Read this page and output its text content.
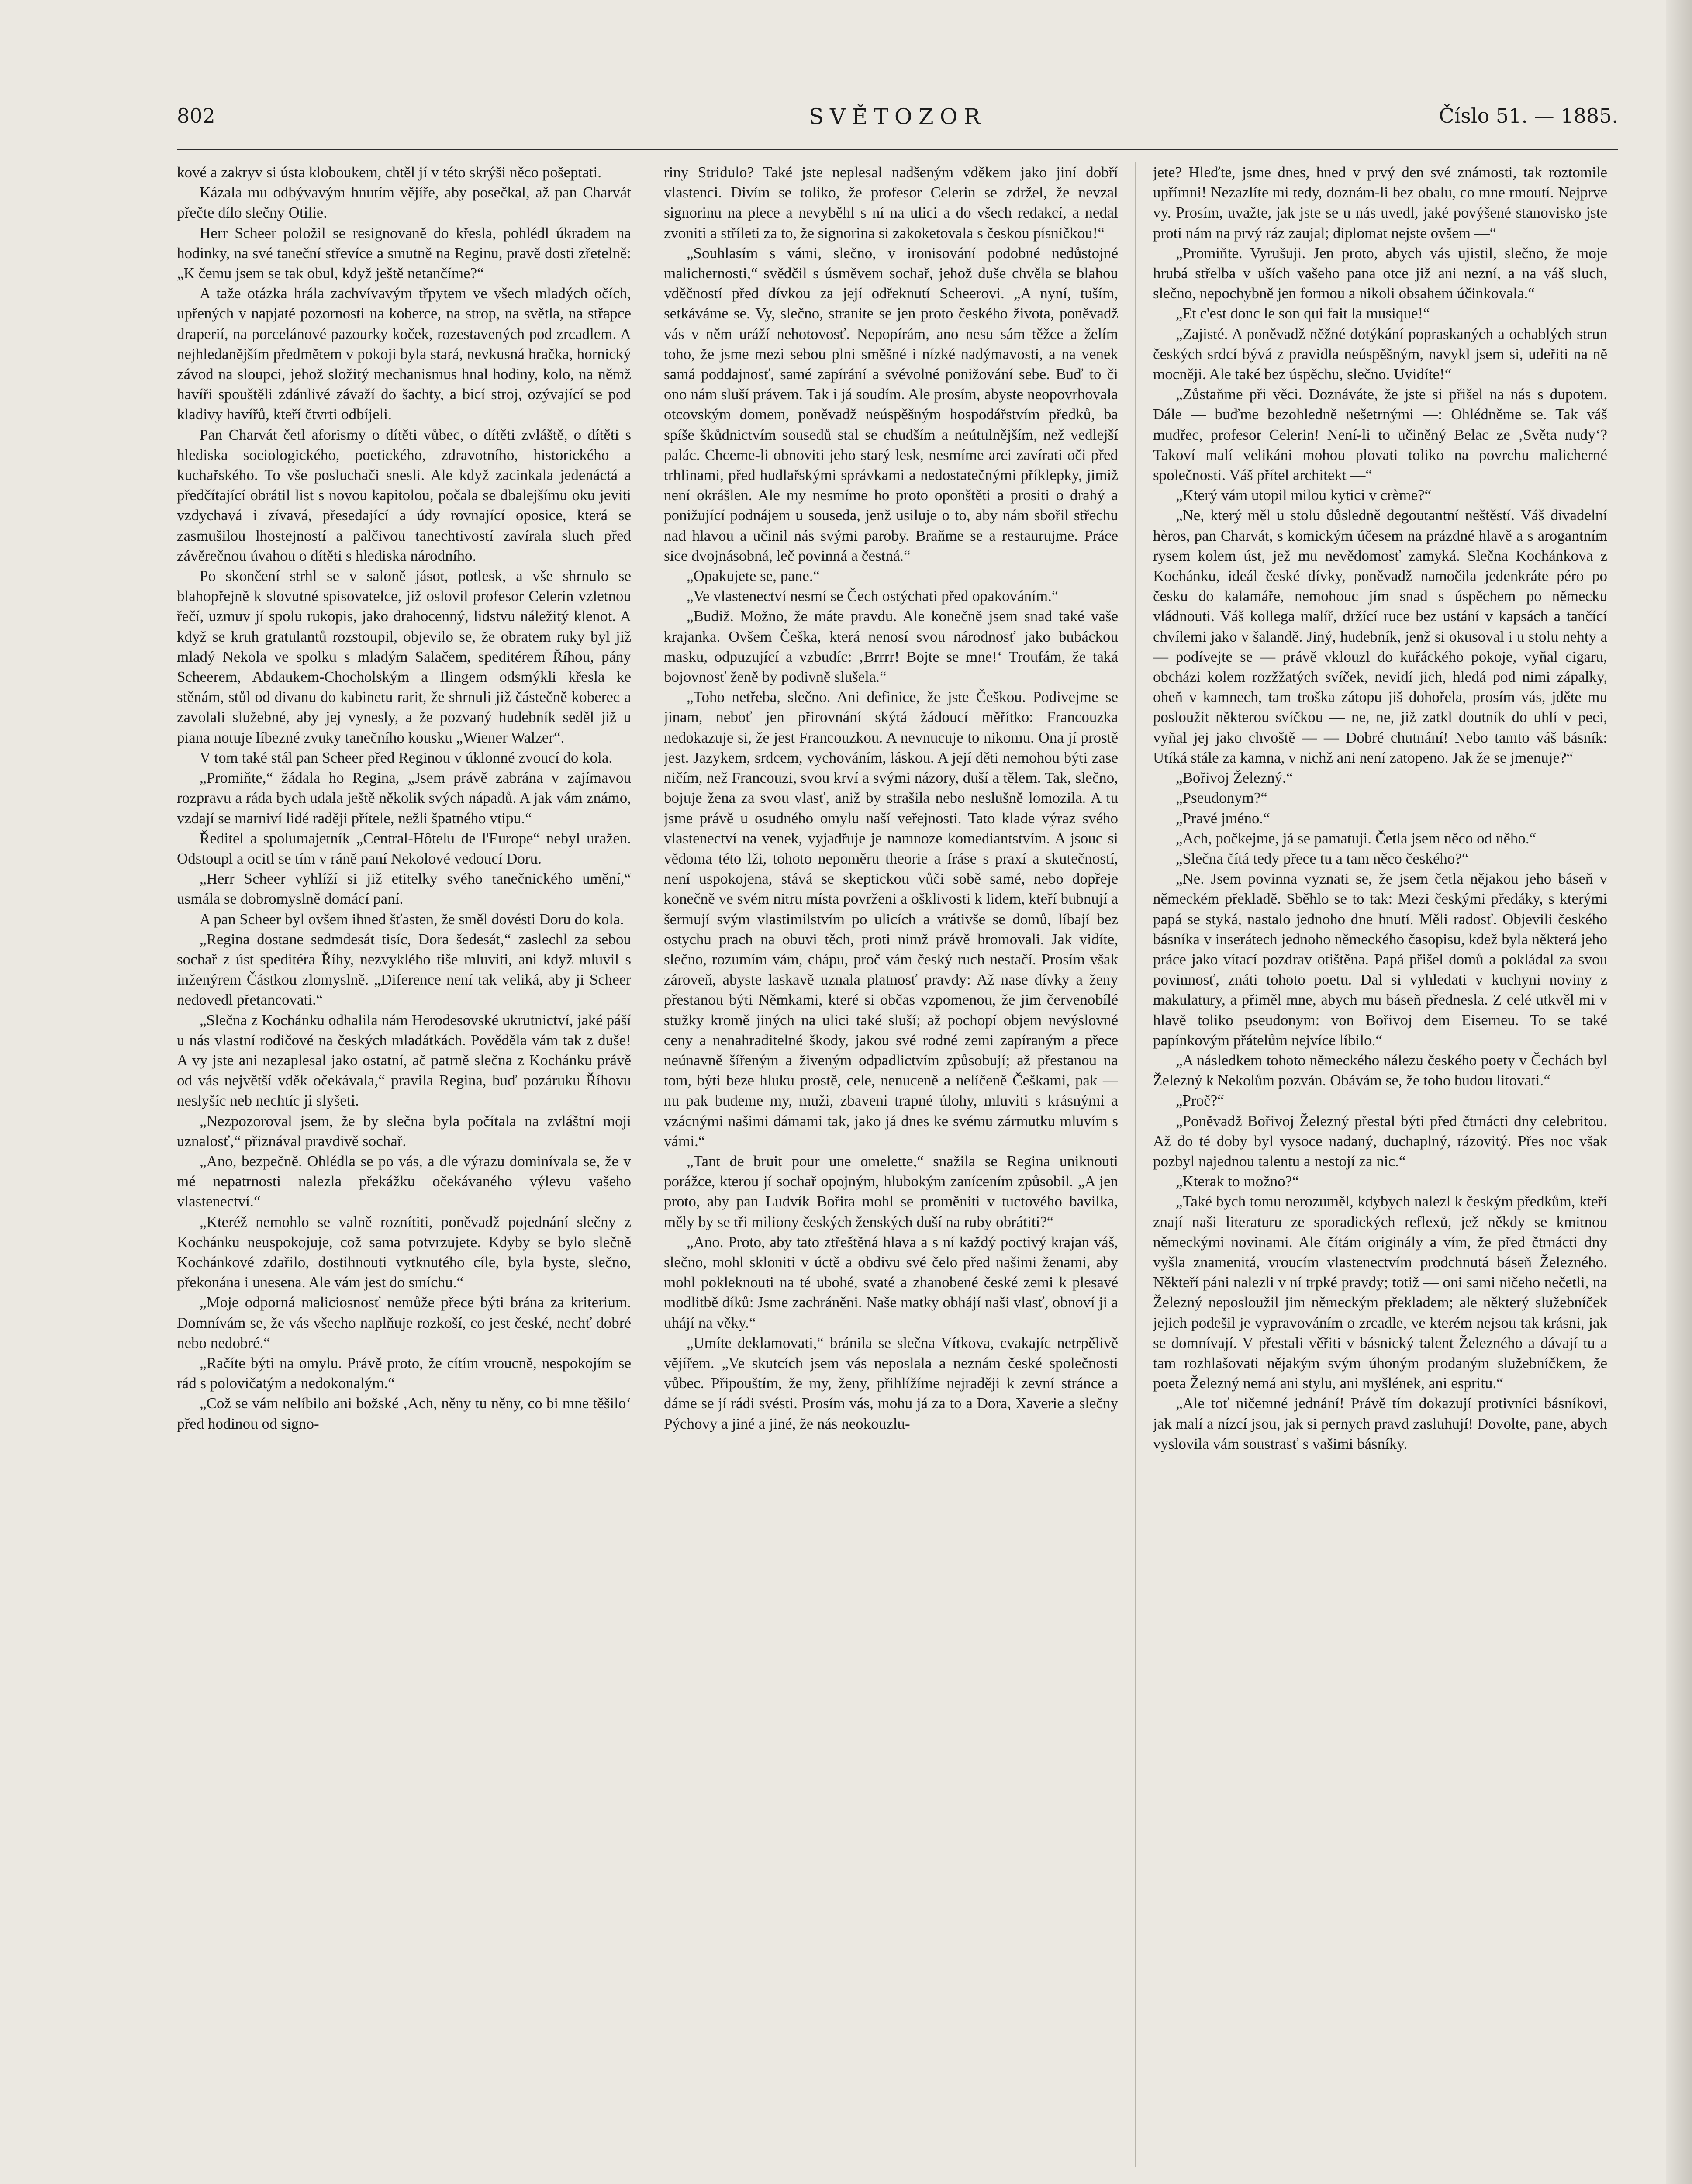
802	SVĚTOZOR	Číslo 51. — 1885.

kové a zakryv si ústa kloboukem, chtěl jí v této skrýši něco pošeptati.

Kázala mu odbývavým hnutím vějíře, aby posečkal, až pan Charvát přečte dílo slečny Otilie.

Herr Scheer položil se resignovaně do křesla, pohlédl úkradem na hodinky, na své taneční střevíce a smutně na Reginu, pravě dosti zřetelně: „K čemu jsem se tak obul, když ještě netančíme?“

A taže otázka hrála zachvívavým třpytem ve všech mladých očích, upřených v napjaté pozornosti na koberce, na strop, na světla, na střapce draperií, na porcelánové pazourky koček, rozestavených pod zrcadlem. A nejhledanějším předmětem v pokoji byla stará, nevkusná hračka, hornický závod na sloupci, jehož složitý mechanismus hnal hodiny, kolo, na němž havíři spouštěli zdánlivé závaží do šachty, a bicí stroj, ozývající se pod kladivy havířů, kteří čtvrti odbíjeli.

Pan Charvát četl aforismy o dítěti vůbec, o dítěti zvláště, o dítěti s hlediska sociologického, poetického, zdravotního, historického a kuchařského. To vše posluchači snesli. Ale když zacinkala jedenáctá a předčítající obrátil list s novou kapitolou, počala se dbalejšímu oku jeviti vzdychavá i zívavá, přesedající a údy rovnající oposice, která se zasmušilou lhostejností a palčivou tanechtivostí zavírala sluch před závěrečnou úvahou o dítěti s hlediska národního.

Po skončení strhl se v saloně jásot, potlesk, a vše shrnulo se blahopřejně k slovutné spisovatelce, již oslovil profesor Celerin vzletnou řečí, uzmuv jí spolu rukopis, jako drahocenný, lidstvu náležitý klenot. A když se kruh gratulantů rozstoupil, objevilo se, že obratem ruky byl již mladý Nekola ve spolku s mladým Salačem, speditérem Říhou, pány Scheerem, Abdaukem-Chocholským a Ilingem odsmýkli křesla ke stěnám, stůl od divanu do kabinetu rarit, že shrnuli již částečně koberec a zavolali služebné, aby jej vynesly, a že pozvaný hudebník seděl již u piana notuje líbezné zvuky tanečního kousku „Wiener Walzer“.

V tom také stál pan Scheer před Reginou v úklonné zvoucí do kola.

„Promiňte,“ žádala ho Regina, „Jsem právě zabrána v zajímavou rozpravu a ráda bych udala ještě několik svých nápadů. A jak vám známo, vzdají se marniví lidé raději přítele, nežli špatného vtipu.“

Ředitel a spolumajetník „Central-Hôtelu de l'Europe“ nebyl uražen. Odstoupl a ocitl se tím v ráně paní Nekolové vedoucí Doru.

„Herr Scheer vyhlíží si již etitelky svého tanečnického umění,“ usmála se dobromyslně domácí paní.

A pan Scheer byl ovšem ihned šťasten, že směl dovésti Doru do kola.

„Regina dostane sedmdesát tisíc, Dora šedesát,“ zaslechl za sebou sochař z úst speditéra Říhy, nezvyklého tiše mluviti, ani když mluvil s inženýrem Částkou zlomyslně. „Diference není tak veliká, aby ji Scheer nedovedl přetancovati.“

„Slečna z Kochánku odhalila nám Herodesovské ukrutnictví, jaké páší u nás vlastní rodičové na českých mladátkách. Pověděla vám tak z duše! A vy jste ani nezaplesal jako ostatní, ač patrně slečna z Kochánku právě od vás největší vděk očekávala,“ pravila Regina, buď pozáruku Říhovu neslyšíc neb nechtíc ji slyšeti.

„Nezpozoroval jsem, že by slečna byla počítala na zvláštní moji uznalosť,“ přiznával pravdivě sochař.

„Ano, bezpečně. Ohlédla se po vás, a dle výrazu dominívala se, že v mé nepatrnosti nalezla překážku očekávaného výlevu vašeho vlastenectví.“

„Kteréž nemohlo se valně roznítiti, poněvadž pojednání slečny z Kochánku neuspokojuje, což sama potvrzujete. Kdyby se bylo slečně Kochánkové zdařilo, dostihnouti vytknutého cíle, byla byste, slečno, překonána i unesena. Ale vám jest do smíchu.“

„Moje odporná maliciosnosť nemůže přece býti brána za kriterium. Domnívám se, že vás všecho naplňuje rozkoší, co jest české, nechť dobré nebo nedobré.“

„Račíte býti na omylu. Právě proto, že cítím vroucně, nespokojím se rád s polovičatým a nedokonalým.“

„Což se vám nelíbilo ani božské ‚Ach, něny tu něny, co bi mne těšilo‘ před hodinou od signo-

riny Stridulo? Také jste neplesal nadšeným vděkem jako jiní dobří vlastenci. Divím se toliko, že profesor Celerin se zdržel, že nevzal signorinu na plece a nevyběhl s ní na ulici a do všech redakcí, a nedal zvoniti a stříleti za to, že signorina si zakoketovala s českou písničkou!“

„Souhlasím s vámi, slečno, v ironisování podobné nedůstojné malichernosti,“ svědčil s úsměvem sochař, jehož duše chvěla se blahou vděčností před dívkou za její odřeknutí Scheerovi. „A nyní, tuším, setkáváme se. Vy, slečno, stranite se jen proto českého života, poněvadž vás v něm uráží nehotovosť. Nepopírám, ano nesu sám těžce a želím toho, že jsme mezi sebou plni směšné i nízké nadýmavosti, a na venek samá poddajnosť, samé zapírání a svévolné ponižování sebe. Buď to či ono nám sluší právem. Tak i já soudím. Ale prosím, abyste neopovrhovala otcovským domem, poněvadž neúspěšným hospodářstvím předků, ba spíše škůdnictvím sousedů stal se chudším a neútulnějším, než vedlejší palác. Chceme-li obnoviti jeho starý lesk, nesmíme arci zavírati oči před trhlinami, před hudlařskými správkami a nedostatečnými příklepky, jimiž není okrášlen. Ale my nesmíme ho proto oponštěti a prositi o drahý a ponižující podnájem u souseda, jenž usiluje o to, aby nám sbořil střechu nad hlavou a učinil nás svými paroby. Braňme se a restaurujme. Práce sice dvojnásobná, leč povinná a čestná.“

„Opakujete se, pane.“

„Ve vlastenectví nesmí se Čech ostýchati před opakováním.“

„Budiž. Možno, že máte pravdu. Ale konečně jsem snad také vaše krajanka. Ovšem Češka, která nenosí svou národnosť jako bubáckou masku, odpuzující a vzbudíc: ‚Brrrr! Bojte se mne!‘ Troufám, že taká bojovnosť ženě by podivně slušela.“

„Toho netřeba, slečno. Ani definice, že jste Češkou. Podivejme se jinam, neboť jen přirovnání skýtá žádoucí měřítko: Francouzka nedokazuje si, že jest Francouzkou. A nevnucuje to nikomu. Ona jí prostě jest. Jazykem, srdcem, vychováním, láskou. A její děti nemohou býti zase ničím, než Francouzi, svou krví a svými názory, duší a tělem. Tak, slečno, bojuje žena za svou vlasť, aniž by strašila nebo neslušně lomozila. A tu jsme právě u osudného omylu naší veřejnosti. Tato klade výraz svého vlastenectví na venek, vyjadřuje je namnoze komediantstvím. A jsouc si vědoma této lži, tohoto nepoměru theorie a fráse s praxí a skutečností, není uspokojena, stává se skeptickou vůči sobě samé, nebo dopřeje konečně ve svém nitru místa povrženi a ošklivosti k lidem, kteří bubnují a šermují svým vlastimilstvím po ulicích a vrátivše se domů, líbají bez ostychu prach na obuvi těch, proti nimž právě hromovali. Jak vidíte, slečno, rozumím vám, chápu, proč vám český ruch nestačí. Prosím však zároveň, abyste laskavě uznala platnosť pravdy: Až nase dívky a ženy přestanou býti Němkami, které si občas vzpomenou, že jim červenobílé stužky kromě jiných na ulici také sluší; až pochopí objem nevýslovné ceny a nenahraditelné škody, jakou své rodné zemi zapíraným a přece neúnavně šířeným a živeným odpadlictvím způsobují; až přestanou na tom, býti beze hluku prostě, cele, nenuceně a nelíčeně Češkami, pak — nu pak budeme my, muži, zbaveni trapné úlohy, mluviti s krásnými a vzácnými našimi dámami tak, jako já dnes ke svému zármutku mluvím s vámi.“

„Tant de bruit pour une omelette,“ snažila se Regina uniknouti porážce, kterou jí sochař opojným, hlubokým zanícením způsobil. „A jen proto, aby pan Ludvík Bořita mohl se proměniti v tuctového bavilka, měly by se tři miliony českých ženských duší na ruby obrátiti?“

„Ano. Proto, aby tato ztřeštěná hlava a s ní každý poctivý krajan váš, slečno, mohl skloniti v úctě a obdivu své čelo před našimi ženami, aby mohl pokleknouti na té ubohé, svaté a zhanobené české zemi k plesavé modlitbě díků: Jsme zachráněni. Naše matky obhájí naši vlasť, obnoví ji a uhájí na věky.“

„Umíte deklamovati,“ bránila se slečna Vítkova, cvakajíc netrpělivě vějířem. „Ve skutcích jsem vás neposlala a neznám české společnosti vůbec. Připouštím, že my, ženy, přihlížíme nejraději k zevní stránce a dáme se jí rádi svésti. Prosím vás, mohu já za to a Dora, Xaverie a slečny Pýchovy a jiné a jiné, že nás neokouzlu-

jete? Hleďte, jsme dnes, hned v prvý den své známosti, tak roztomile upřímni! Nezazlíte mi tedy, doznám-li bez obalu, co mne rmoutí. Nejprve vy. Prosím, uvažte, jak jste se u nás uvedl, jaké povýšené stanovisko jste proti nám na prvý ráz zaujal; diplomat nejste ovšem —“

„Promiňte. Vyrušuji. Jen proto, abych vás ujistil, slečno, že moje hrubá střelba v uších vašeho pana otce již ani nezní, a na váš sluch, slečno, nepochybně jen formou a nikoli obsahem účinkovala.“

„Et c'est donc le son qui fait la musique!“

„Zajisté. A poněvadž něžné dotýkání popraskaných a ochablých strun českých srdcí bývá z pravidla neúspěšným, navykl jsem si, udeřiti na ně mocněji. Ale také bez úspěchu, slečno. Uvidíte!“

„Zůstaňme při věci. Doznáváte, že jste si přišel na nás s dupotem. Dále — buďme bezohledně nešetrnými —: Ohlédněme se. Tak váš mudřec, profesor Celerin! Není-li to učiněný Belac ze ‚Světa nudy‘? Takoví malí velikáni mohou plovati toliko na povrchu malicherné společnosti. Váš přítel architekt —“

„Který vám utopil milou kytici v crème?“

„Ne, který měl u stolu důsledně degoutantní neštěstí. Váš divadelní hèros, pan Charvát, s komickým účesem na prázdné hlavě a s arogantním rysem kolem úst, jež mu nevědomosť zamyká. Slečna Kochánkova z Kochánku, ideál české dívky, poněvadž namočila jedenkráte péro po česku do kalamáře, nemohouc jím snad s úspěchem po německu vládnouti. Váš kollega malíř, držící ruce bez ustání v kapsách a tančící chvílemi jako v šalandě. Jiný, hudebník, jenž si okusoval i u stolu nehty a — podívejte se — právě vklouzl do kuřáckého pokoje, vyňal cigaru, obcházi kolem rozžžatých svíček, nevidí jich, hledá pod nimi zápalky, oheň v kamnech, tam troška zátopu jiš dohořela, prosím vás, jděte mu posloužit některou svíčkou — ne, ne, již zatkl doutník do uhlí v peci, vyňal jej jako chvoště — — Dobré chutnání! Nebo tamto váš básník: Utíká stále za kamna, v nichž ani není zatopeno. Jak že se jmenuje?“

„Bořivoj Železný.“

„Pseudonym?“

„Pravé jméno.“

„Ach, počkejme, já se pamatuji. Četla jsem něco od něho.“

„Slečna čítá tedy přece tu a tam něco českého?“

„Ne. Jsem povinna vyznati se, že jsem četla nějakou jeho báseň v německém překladě. Sběhlo se to tak: Mezi českými předáky, s kterými papá se styká, nastalo jednoho dne hnutí. Měli radosť. Objevili českého básníka v inserátech jednoho německého časopisu, kdež byla některá jeho práce jako vítací pozdrav otištěna. Papá přišel domů a pokládal za svou povinnosť, znáti tohoto poetu. Dal si vyhledati v kuchyni noviny z makulatury, a přiměl mne, abych mu báseň přednesla. Z celé utkvěl mi v hlavě toliko pseudonym: von Bořivoj dem Eiserneu. To se také papínkovým přátelům nejvíce líbilo.“

„A následkem tohoto německého nálezu českého poety v Čechách byl Železný k Nekolům pozván. Obávám se, že toho budou litovati.“

„Proč?“

„Poněvadž Bořivoj Železný přestal býti před čtrnácti dny celebritou. Až do té doby byl vysoce nadaný, duchaplný, rázovitý. Přes noc však pozbyl najednou talentu a nestojí za nic.“

„Kterak to možno?“

„Také bych tomu nerozuměl, kdybych nalezl k českým předkům, kteří znají naši literaturu ze sporadických reflexů, jež někdy se kmitnou německými novinami. Ale čítám originály a vím, že před čtrnácti dny vyšla znamenitá, vroucím vlastenectvím prodchnutá báseň Železného. Někteří páni nalezli v ní trpké pravdy; totiž — oni sami ničeho nečetli, na Železný neposloužil jim německým překladem; ale některý služebníček jejich podešil je vypravováním o zrcadle, ve kterém nejsou tak krásni, jak se domnívají. V přestali věřiti v básnický talent Železného a dávají tu a tam rozhlašovati nějakým svým úhoným prodaným služebníčkem, že poeta Železný nemá ani stylu, ani myšlének, ani espritu.“

„Ale toť ničemné jednání! Právě tím dokazují protivníci básníkovi, jak malí a nízcí jsou, jak si pernych pravd zasluhují! Dovolte, pane, abych vyslovila vám soustrasť s vašimi básníky.
